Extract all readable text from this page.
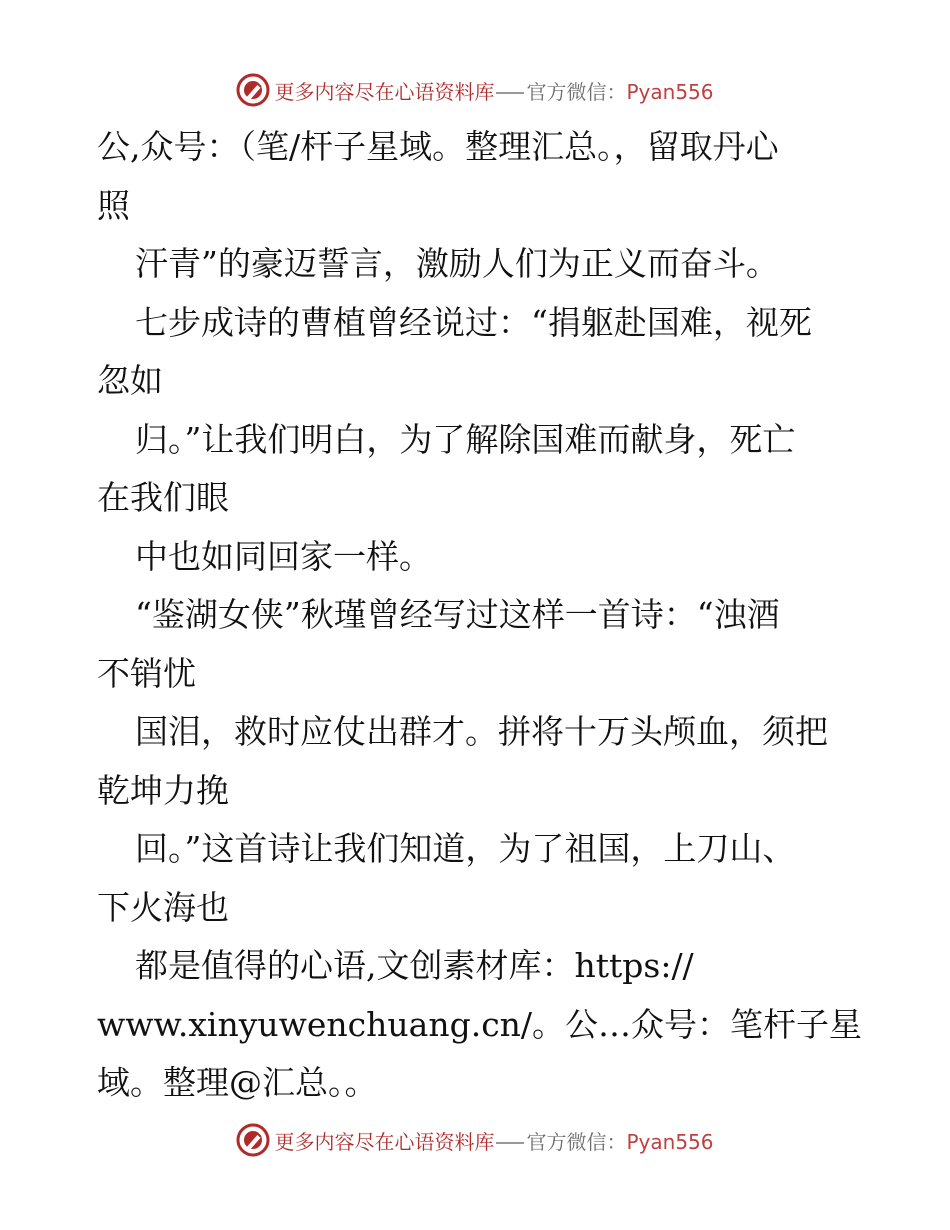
更多内容尽在心语资料库 官方微信：Pyan556
公,众号：（笔/杆子星域。整理汇总。，留取丹心
照
汗青”的豪迈誓言，激励人们为正义而奋斗。
七步成诗的曹植曾经说过：“捐躯赴国难，视死
忽如
归。”让我们明白，为了解除国难而献身，死亡
在我们眼
中也如同回家一样。
“鉴湖女侠”秋瑾曾经写过这样一首诗：“浊酒
不销忧
国泪，救时应仗出群才。拼将十万头颅血，须把
乾坤力挽
回。”这首诗让我们知道，为了祖国，上刀山、
下火海也
都是值得的心语,文创素材库：https://
www.xinyuwenchuang.cn/。公…众号：笔杆子星
域。整理@汇总。。
更多内容尽在心语资料库 官方微信：Pyan556
